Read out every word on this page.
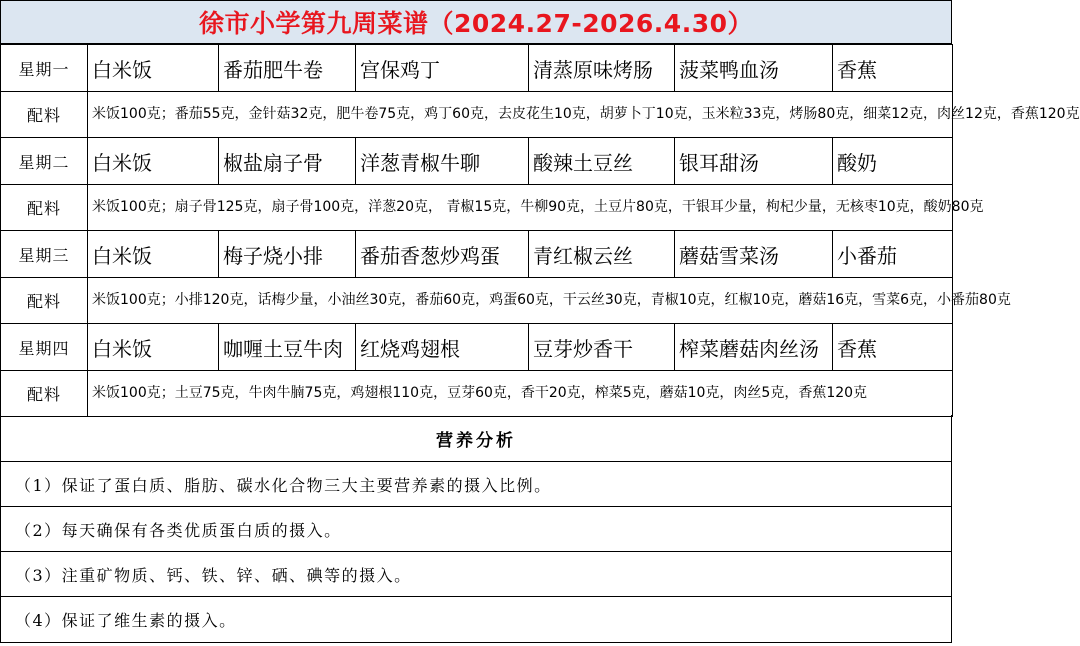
徐市小学第九周菜谱（2024.27-2026.4.30）
星期一	白米饭	番茄肥牛卷	宫保鸡丁	清蒸原味烤肠	菠菜鸭血汤	香蕉
配料	米饭100克；番茄55克，金针菇32克，肥牛卷75克，鸡丁60克，去皮花生10克，胡萝卜丁10克，玉米粒33克，烤肠80克，细菜12克，肉丝12克，香蕉120克					
星期二	白米饭	椒盐扇子骨	洋葱青椒牛聊	酸辣土豆丝	银耳甜汤	酸奶
配料	米饭100克；扇子骨125克，扇子骨100克，洋葱20克， 青椒15克，牛柳90克，土豆片80克，干银耳少量，枸杞少量，无核枣10克，酸奶80克					
星期三	白米饭	梅子烧小排	番茄香葱炒鸡蛋	青红椒云丝	蘑菇雪菜汤	小番茄
配料	米饭100克；小排120克，话梅少量，小油丝30克，番茄60克，鸡蛋60克，干云丝30克，青椒10克，红椒10克，蘑菇16克，雪菜6克，小番茄80克					
星期四	白米饭	咖喱土豆牛肉	红烧鸡翅根	豆芽炒香干	榨菜蘑菇肉丝汤	香蕉
配料	米饭100克；土豆75克，牛肉牛腩75克，鸡翅根110克，豆芽60克，香干20克，榨菜5克，蘑菇10克，肉丝5克，香蕉120克					
营养分析
（1）保证了蛋白质、脂肪、碳水化合物三大主要营养素的摄入比例。
（2）每天确保有各类优质蛋白质的摄入。
（3）注重矿物质、钙、铁、锌、硒、碘等的摄入。
（4）保证了维生素的摄入。
